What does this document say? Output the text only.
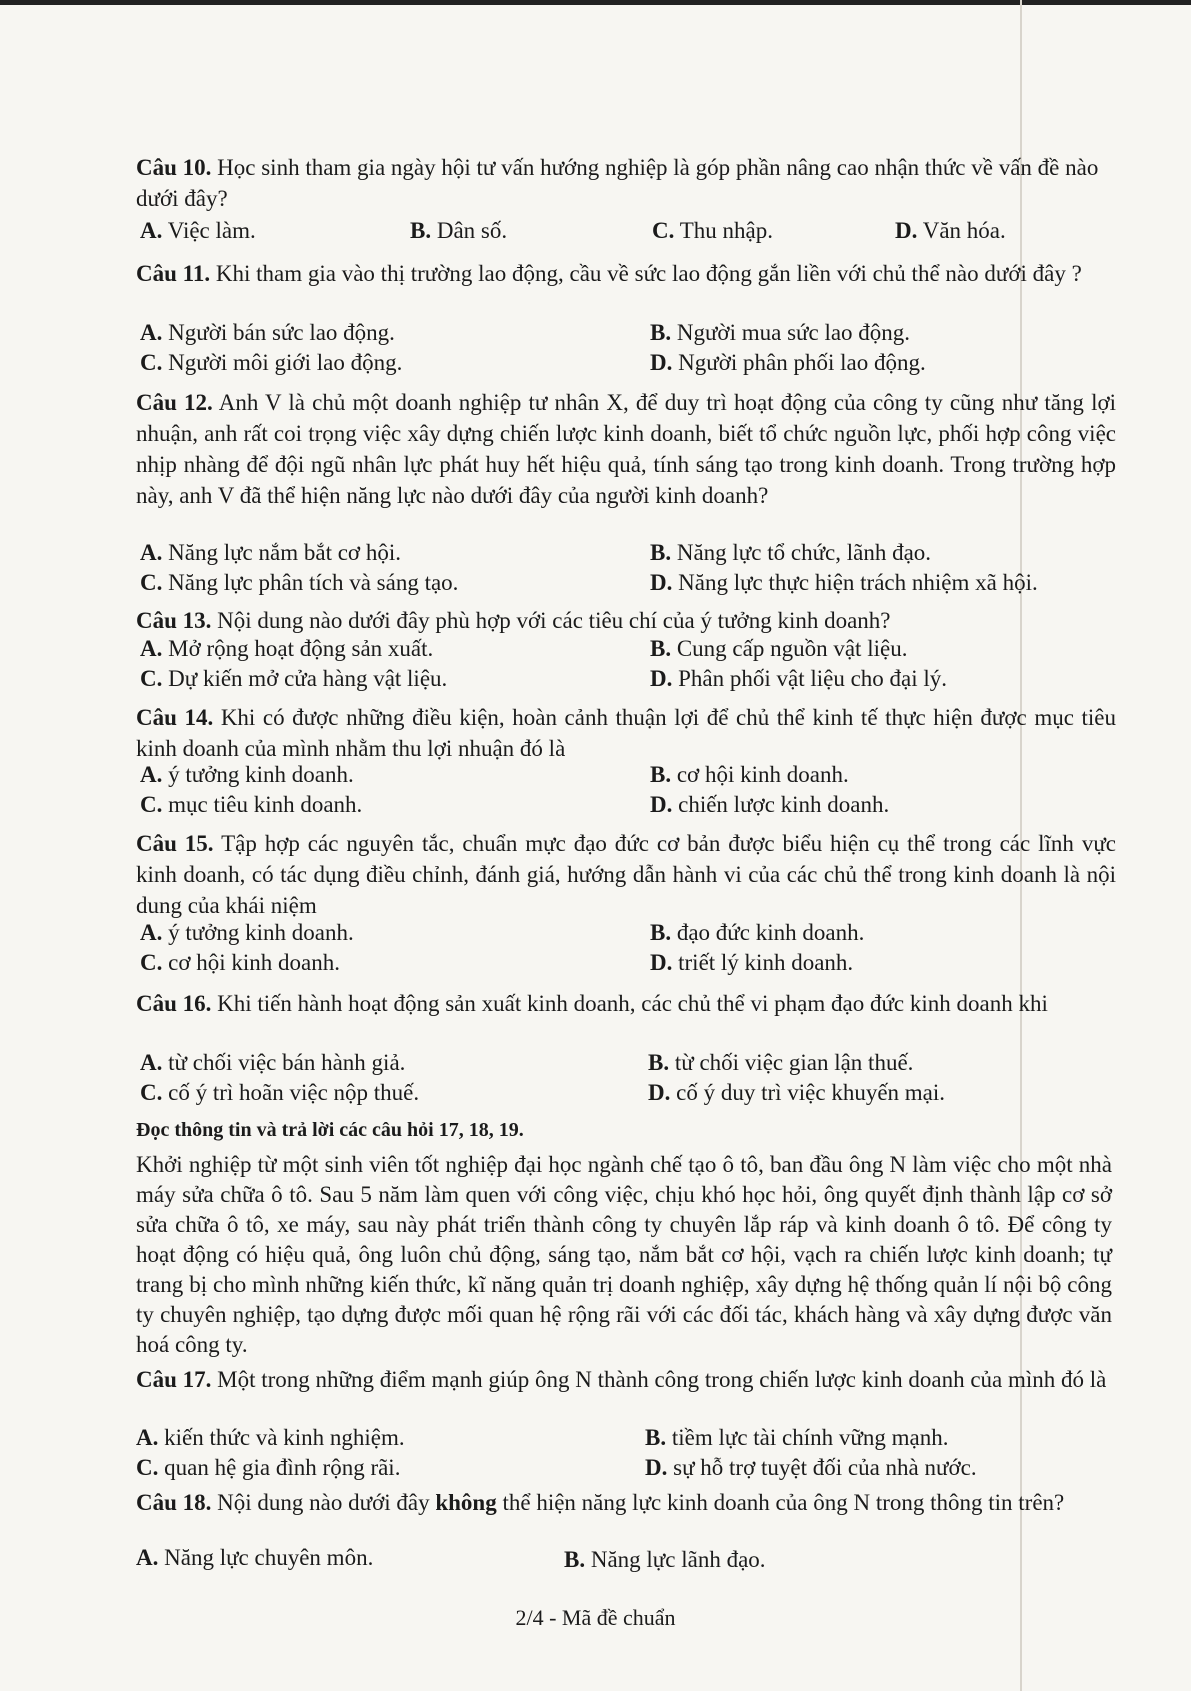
Câu 10. Học sinh tham gia ngày hội tư vấn hướng nghiệp là góp phần nâng cao nhận thức về vấn đề nào dưới đây?
A. Việc làm.	B. Dân số.	C. Thu nhập.	D. Văn hóa.
Câu 11. Khi tham gia vào thị trường lao động, cầu về sức lao động gắn liền với chủ thể nào dưới đây ?
A. Người bán sức lao động.	B. Người mua sức lao động.
C. Người môi giới lao động.	D. Người phân phối lao động.
Câu 12. Anh V là chủ một doanh nghiệp tư nhân X, để duy trì hoạt động của công ty cũng như tăng lợi nhuận, anh rất coi trọng việc xây dựng chiến lược kinh doanh, biết tổ chức nguồn lực, phối hợp công việc nhịp nhàng để đội ngũ nhân lực phát huy hết hiệu quả, tính sáng tạo trong kinh doanh. Trong trường hợp này, anh V đã thể hiện năng lực nào dưới đây của người kinh doanh?
A. Năng lực nắm bắt cơ hội.	B. Năng lực tổ chức, lãnh đạo.
C. Năng lực phân tích và sáng tạo.	D. Năng lực thực hiện trách nhiệm xã hội.
Câu 13. Nội dung nào dưới đây phù hợp với các tiêu chí của ý tưởng kinh doanh?
A. Mở rộng hoạt động sản xuất.	B. Cung cấp nguồn vật liệu.
C. Dự kiến mở cửa hàng vật liệu.	D. Phân phối vật liệu cho đại lý.
Câu 14. Khi có được những điều kiện, hoàn cảnh thuận lợi để chủ thể kinh tế thực hiện được mục tiêu kinh doanh của mình nhằm thu lợi nhuận đó là
A. ý tưởng kinh doanh.	B. cơ hội kinh doanh.
C. mục tiêu kinh doanh.	D. chiến lược kinh doanh.
Câu 15. Tập hợp các nguyên tắc, chuẩn mực đạo đức cơ bản được biểu hiện cụ thể trong các lĩnh vực kinh doanh, có tác dụng điều chỉnh, đánh giá, hướng dẫn hành vi của các chủ thể trong kinh doanh là nội dung của khái niệm
A. ý tưởng kinh doanh.	B. đạo đức kinh doanh.
C. cơ hội kinh doanh.	D. triết lý kinh doanh.
Câu 16. Khi tiến hành hoạt động sản xuất kinh doanh, các chủ thể vi phạm đạo đức kinh doanh khi
A. từ chối việc bán hành giả.	B. từ chối việc gian lận thuế.
C. cố ý trì hoãn việc nộp thuế.	D. cố ý duy trì việc khuyến mại.
Đọc thông tin và trả lời các câu hỏi 17, 18, 19.
Khởi nghiệp từ một sinh viên tốt nghiệp đại học ngành chế tạo ô tô, ban đầu ông N làm việc cho một nhà máy sửa chữa ô tô. Sau 5 năm làm quen với công việc, chịu khó học hỏi, ông quyết định thành lập cơ sở sửa chữa ô tô, xe máy, sau này phát triển thành công ty chuyên lắp ráp và kinh doanh ô tô. Để công ty hoạt động có hiệu quả, ông luôn chủ động, sáng tạo, nắm bắt cơ hội, vạch ra chiến lược kinh doanh; tự trang bị cho mình những kiến thức, kĩ năng quản trị doanh nghiệp, xây dựng hệ thống quản lí nội bộ công ty chuyên nghiệp, tạo dựng được mối quan hệ rộng rãi với các đối tác, khách hàng và xây dựng được văn hoá công ty.
Câu 17. Một trong những điểm mạnh giúp ông N thành công trong chiến lược kinh doanh của mình đó là
A. kiến thức và kinh nghiệm.	B. tiềm lực tài chính vững mạnh.
C. quan hệ gia đình rộng rãi.	D. sự hỗ trợ tuyệt đối của nhà nước.
Câu 18. Nội dung nào dưới đây không thể hiện năng lực kinh doanh của ông N trong thông tin trên?
A. Năng lực chuyên môn.	B. Năng lực lãnh đạo.
2/4 - Mã đề chuẩn
